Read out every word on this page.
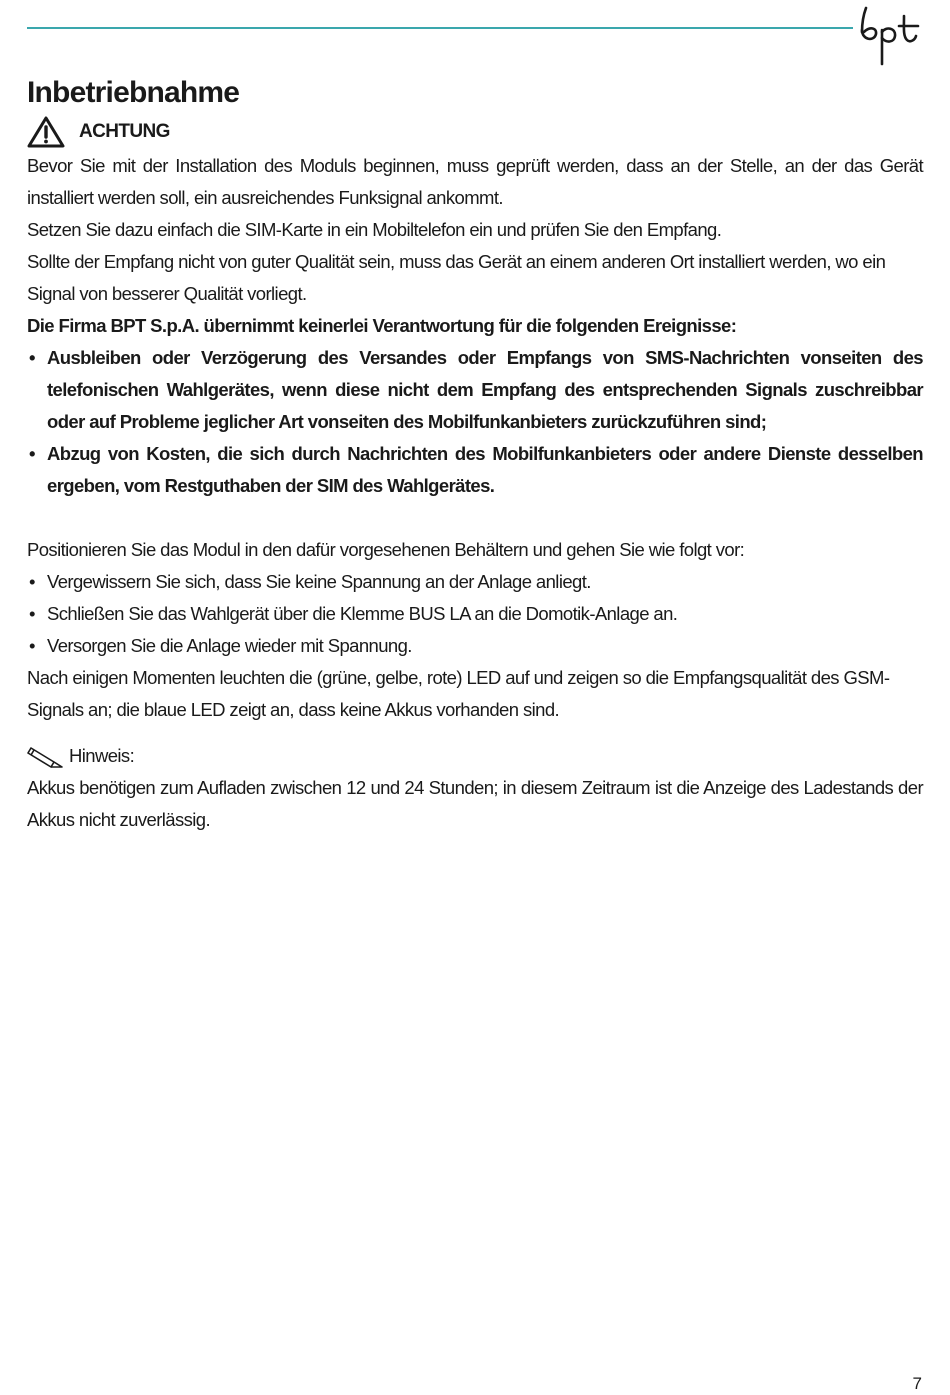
Inbetriebnahme
ACHTUNG

Bevor Sie mit der Installation des Moduls beginnen, muss geprüft werden, dass an der Stelle, an der das Gerät installiert werden soll, ein ausreichendes Funksignal ankommt.

Setzen Sie dazu einfach die SIM-Karte in ein Mobiltelefon ein und prüfen Sie den Empfang.

Sollte der Empfang nicht von guter Qualität sein, muss das Gerät an einem anderen Ort installiert werden, wo ein Signal von besserer Qualität vorliegt.

Die Firma BPT S.p.A. übernimmt keinerlei Verantwortung für die folgenden Ereignisse:

• Ausbleiben oder Verzögerung des Versandes oder Empfangs von SMS-Nachrichten vonseiten des telefonischen Wahlgerätes, wenn diese nicht dem Empfang des entsprechenden Signals zuschreibbar oder auf Probleme jeglicher Art vonseiten des Mobilfunkanbieters zurückzuführen sind;
• Abzug von Kosten, die sich durch Nachrichten des Mobilfunkanbieters oder andere Dienste desselben ergeben, vom Restguthaben der SIM des Wahlgerätes.

Positionieren Sie das Modul in den dafür vorgesehenen Behältern und gehen Sie wie folgt vor:

• Vergewissern Sie sich, dass Sie keine Spannung an der Anlage anliegt.
• Schließen Sie das Wahlgerät über die Klemme BUS LA an die Domotik-Anlage an.
• Versorgen Sie die Anlage wieder mit Spannung.

Nach einigen Momenten leuchten die (grüne, gelbe, rote) LED auf und zeigen so die Empfangsqualität des GSM-Signals an; die blaue LED zeigt an, dass keine Akkus vorhanden sind.

Hinweis:

Akkus benötigen zum Aufladen zwischen 12 und 24 Stunden; in diesem Zeitraum ist die Anzeige des Ladestands der Akkus nicht zuverlässig.

7
